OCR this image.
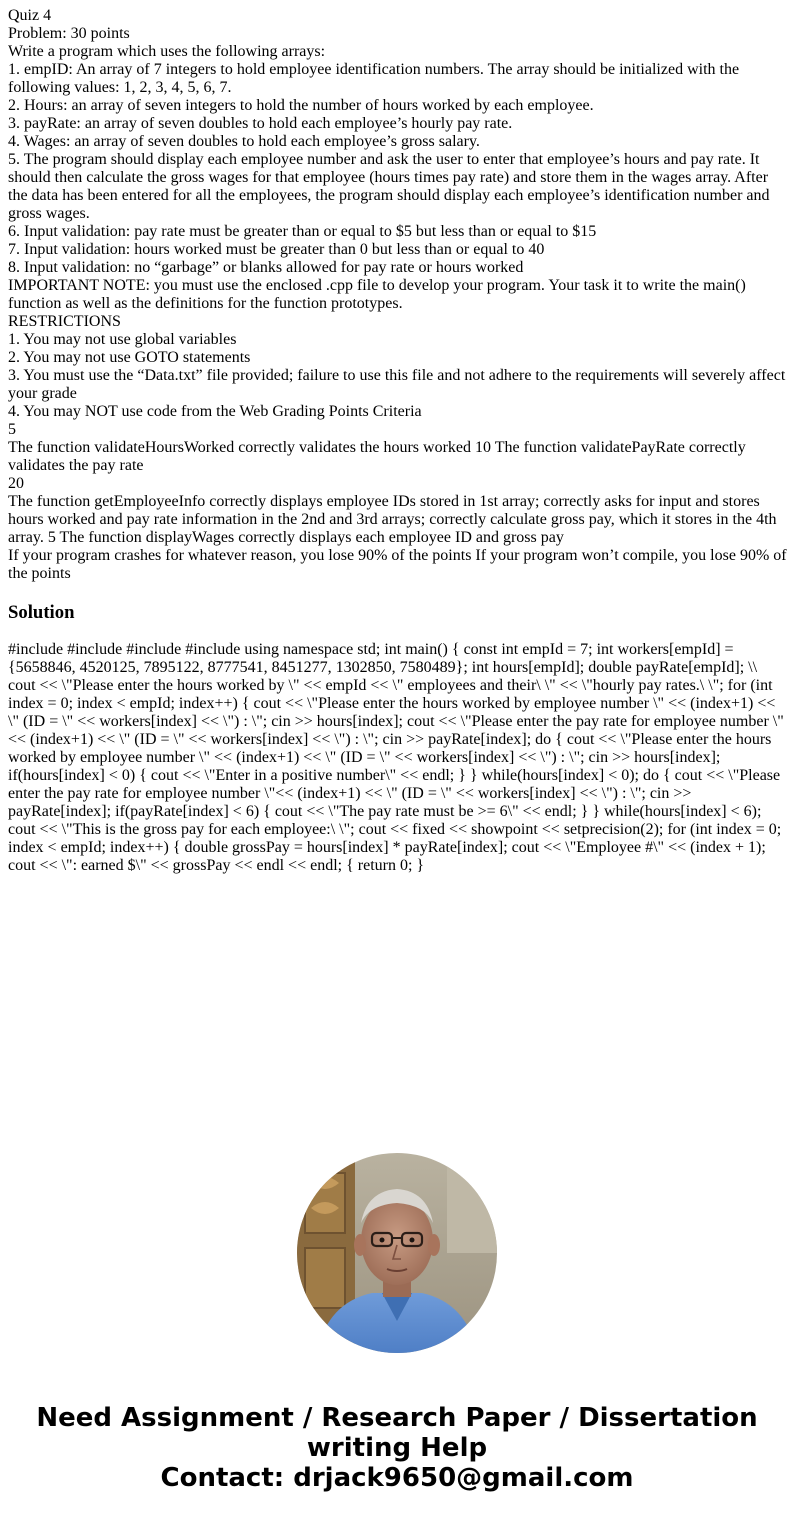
Quiz 4
Problem: 30 points
Write a program which uses the following arrays:
1. empID: An array of 7 integers to hold employee identification numbers. The array should be initialized with the following values: 1, 2, 3, 4, 5, 6, 7.
2. Hours: an array of seven integers to hold the number of hours worked by each employee.
3. payRate: an array of seven doubles to hold each employee’s hourly pay rate.
4. Wages: an array of seven doubles to hold each employee’s gross salary.
5. The program should display each employee number and ask the user to enter that employee’s hours and pay rate. It should then calculate the gross wages for that employee (hours times pay rate) and store them in the wages array. After the data has been entered for all the employees, the program should display each employee’s identification number and gross wages.
6. Input validation: pay rate must be greater than or equal to $5 but less than or equal to $15
7. Input validation: hours worked must be greater than 0 but less than or equal to 40
8. Input validation: no “garbage” or blanks allowed for pay rate or hours worked
IMPORTANT NOTE: you must use the enclosed .cpp file to develop your program. Your task it to write the main() function as well as the definitions for the function prototypes.
RESTRICTIONS
1. You may not use global variables
2. You may not use GOTO statements
3. You must use the “Data.txt” file provided; failure to use this file and not adhere to the requirements will severely affect your grade
4. You may NOT use code from the Web Grading Points Criteria
5
The function validateHoursWorked correctly validates the hours worked 10 The function validatePayRate correctly validates the pay rate
20
The function getEmployeeInfo correctly displays employee IDs stored in 1st array; correctly asks for input and stores hours worked and pay rate information in the 2nd and 3rd arrays; correctly calculate gross pay, which it stores in the 4th array. 5 The function displayWages correctly displays each employee ID and gross pay
If your program crashes for whatever reason, you lose 90% of the points If your program won’t compile, you lose 90% of the points
Solution

#include #include #include #include using namespace std; int main() { const int empId = 7; int workers[empId] = {5658846, 4520125, 7895122, 8777541, 8451277, 1302850, 7580489}; int hours[empId]; double payRate[empId]; \\ cout << \"Please enter the hours worked by \" << empId << \" employees and their\ \" << \"hourly pay rates.\ \"; for (int index = 0; index < empId; index++) { cout << \"Please enter the hours worked by employee number \" << (index+1) << \" (ID = \" << workers[index] << \") : \"; cin >> hours[index]; cout << \"Please enter the pay rate for employee number \" << (index+1) << \" (ID = \" << workers[index] << \") : \"; cin >> payRate[index]; do { cout << \"Please enter the hours worked by employee number \" << (index+1) << \" (ID = \" << workers[index] << \") : \"; cin >> hours[index]; if(hours[index] < 0) { cout << \"Enter in a positive number\" << endl; } } while(hours[index] < 0); do { cout << \"Please enter the pay rate for employee number \"<< (index+1) << \" (ID = \" << workers[index] << \") : \"; cin >> payRate[index]; if(payRate[index] < 6) { cout << \"The pay rate must be >= 6\" << endl; } } while(hours[index] < 6); cout << \"This is the gross pay for each employee:\ \"; cout << fixed << showpoint << setprecision(2); for (int index = 0; index < empId; index++) { double grossPay = hours[index] * payRate[index]; cout << \"Employee #\" << (index + 1); cout << \": earned $\" << grossPay << endl << endl; { return 0; }

Need Assignment / Research Paper / Dissertation
writing Help
Contact: drjack9650@gmail.com
